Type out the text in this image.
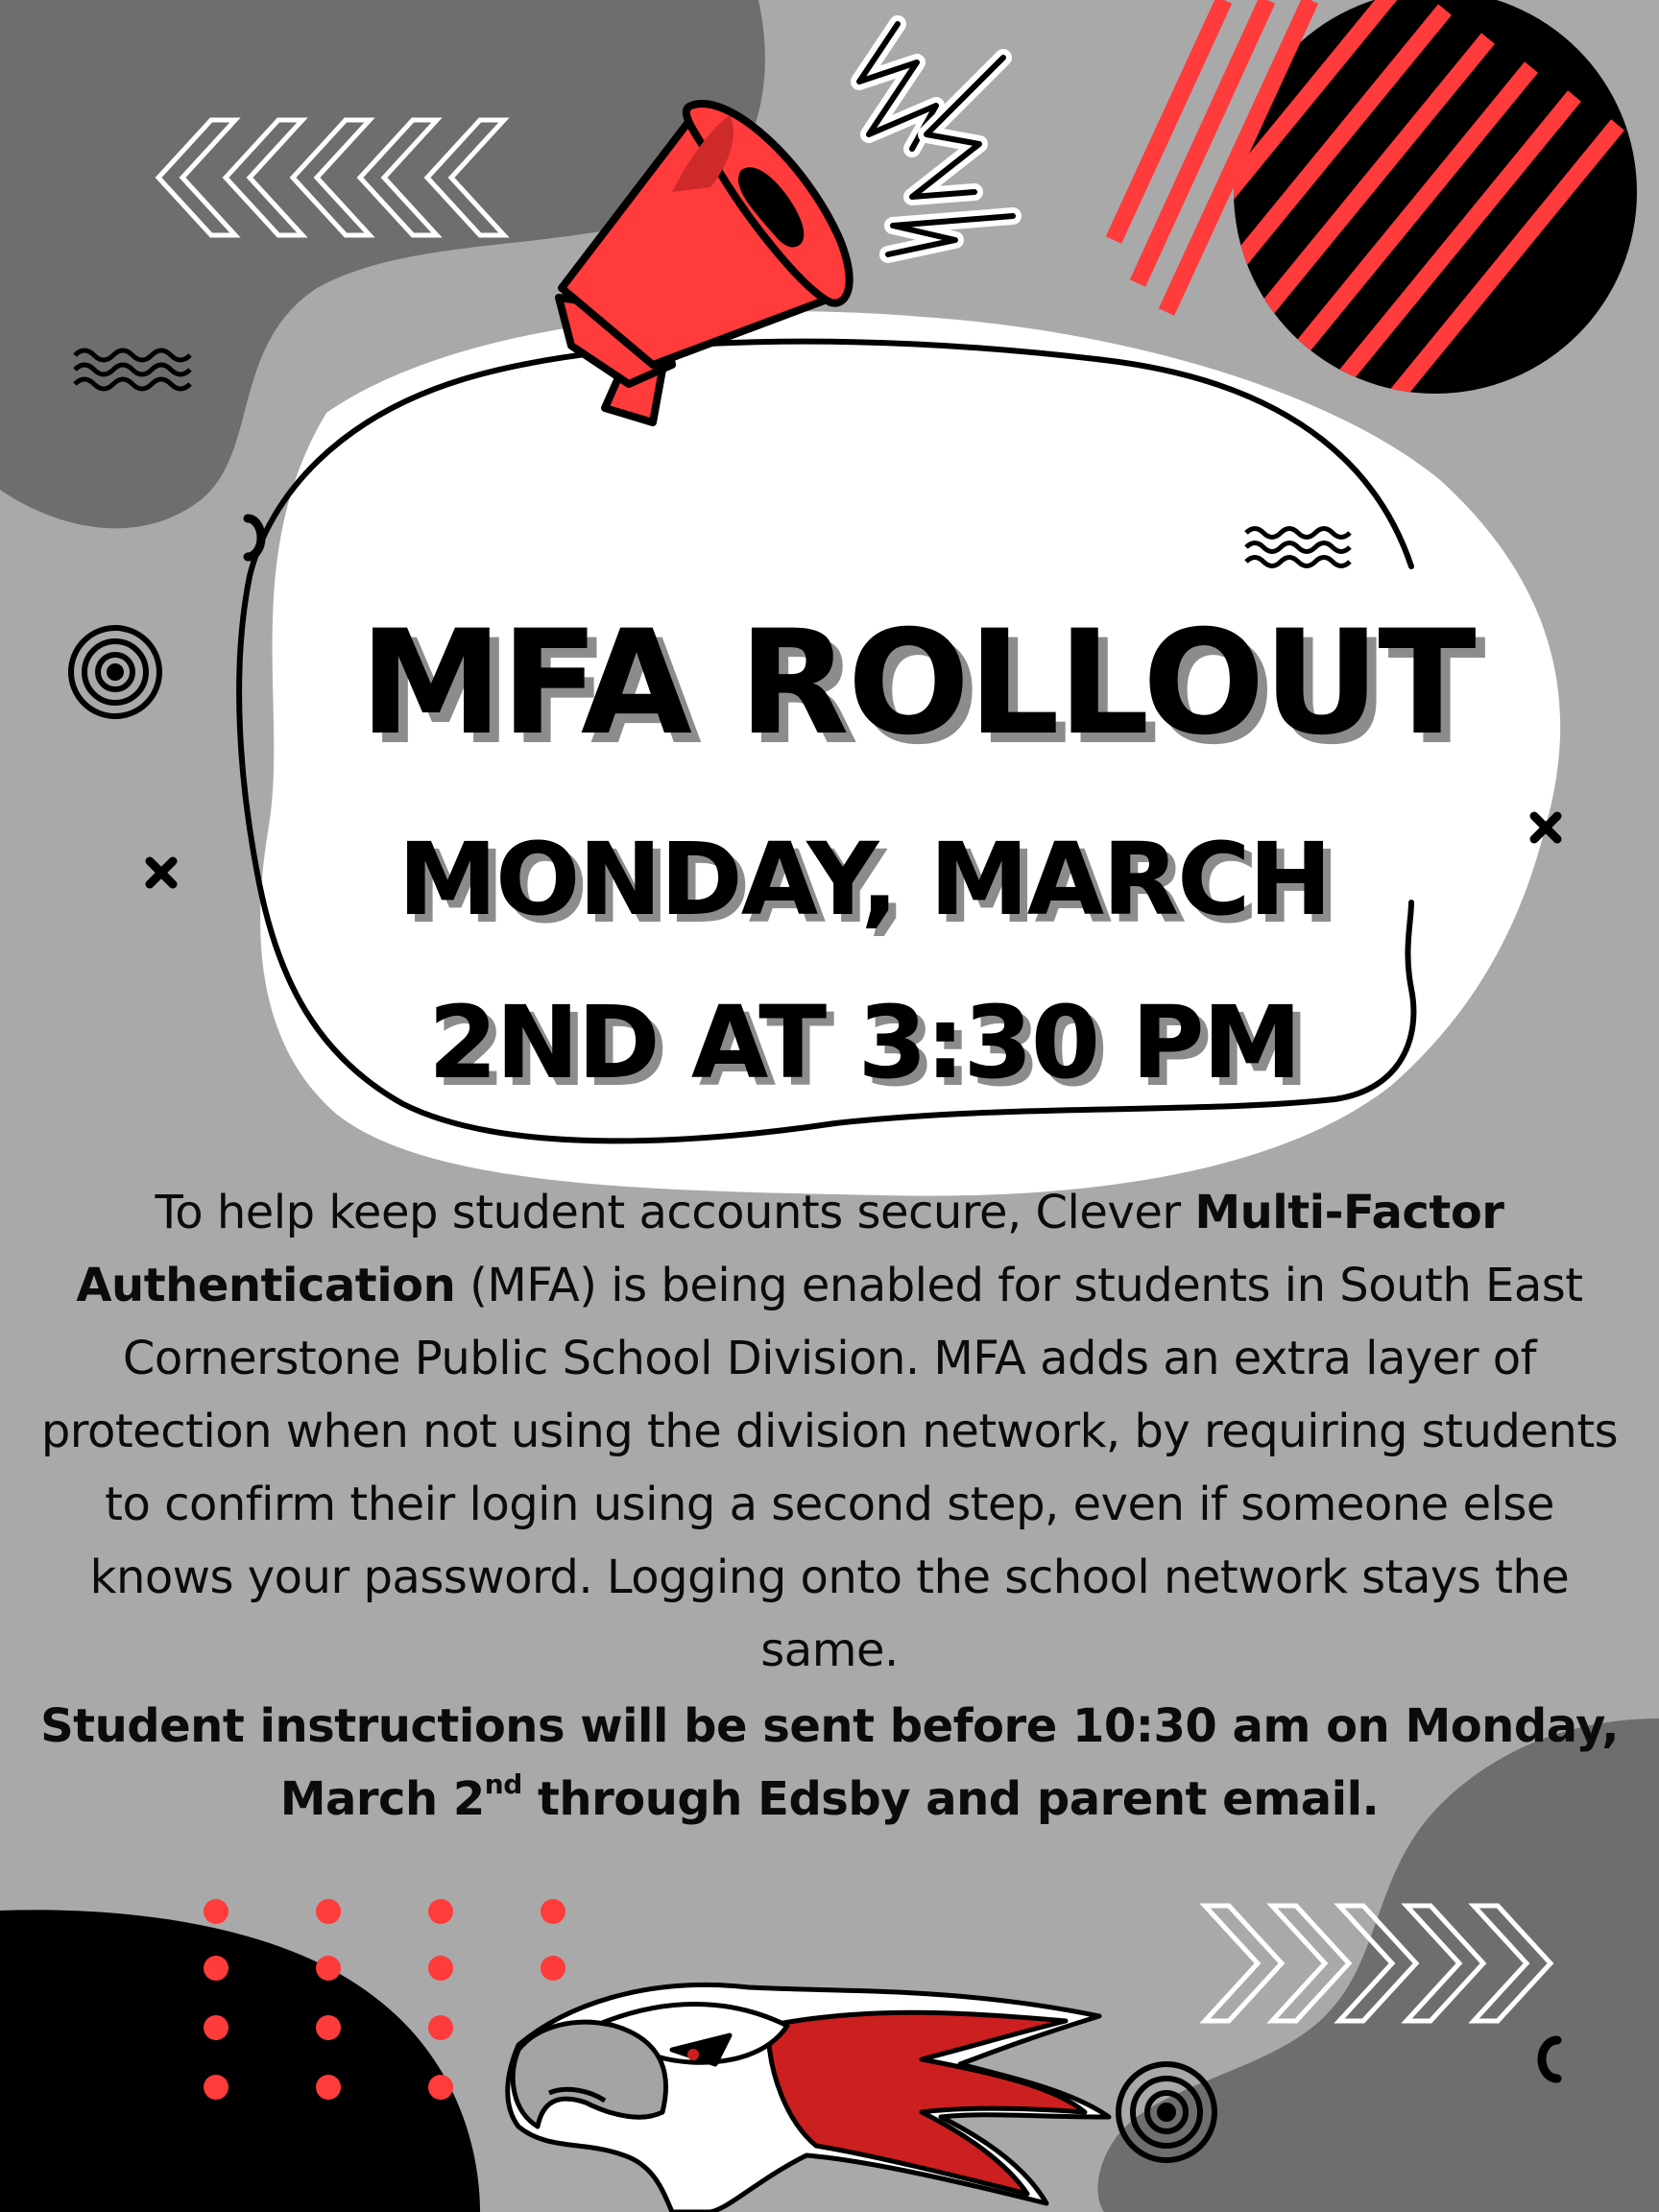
MFA ROLLOUT
MONDAY, MARCH
2ND AT 3:30 PM

To help keep student accounts secure, Clever Multi-Factor Authentication (MFA) is being enabled for students in South East Cornerstone Public School Division. MFA adds an extra layer of protection when not using the division network, by requiring students to confirm their login using a second step, even if someone else knows your password. Logging onto the school network stays the same.

Student instructions will be sent before 10:30 am on Monday, March 2nd through Edsby and parent email.
